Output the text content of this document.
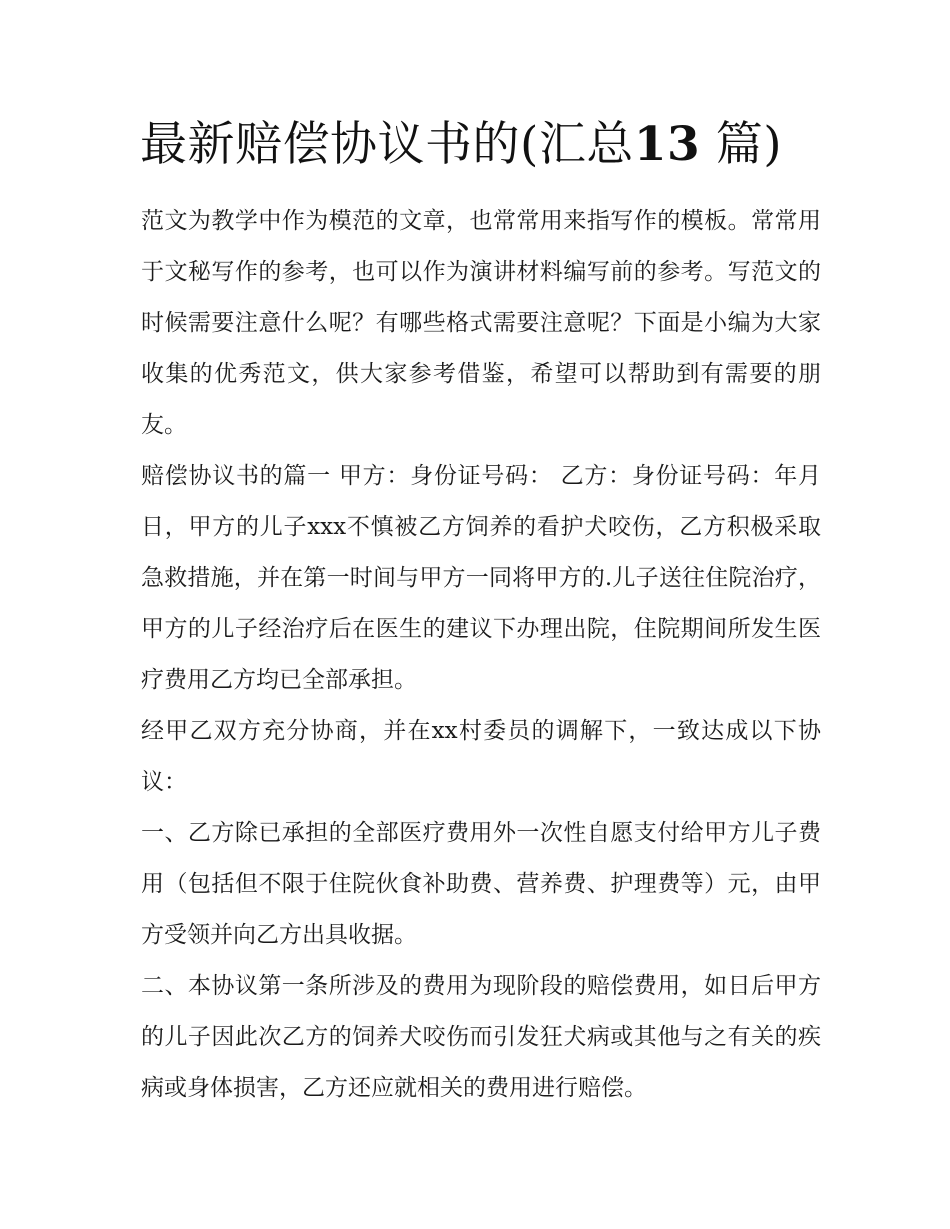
最新赔偿协议书的(汇总13 篇)

范文为教学中作为模范的文章，也常常用来指写作的模板。常常用于文秘写作的参考，也可以作为演讲材料编写前的参考。写范文的时候需要注意什么呢？有哪些格式需要注意呢？下面是小编为大家收集的优秀范文，供大家参考借鉴，希望可以帮助到有需要的朋友。

赔偿协议书的篇一 甲方：身份证号码： 乙方：身份证号码：年月日，甲方的儿子xxx不慎被乙方饲养的看护犬咬伤，乙方积极采取急救措施，并在第一时间与甲方一同将甲方的.儿子送往住院治疗，甲方的儿子经治疗后在医生的建议下办理出院，住院期间所发生医疗费用乙方均已全部承担。

经甲乙双方充分协商，并在xx村委员的调解下，一致达成以下协议：

一、乙方除已承担的全部医疗费用外一次性自愿支付给甲方儿子费用（包括但不限于住院伙食补助费、营养费、护理费等）元，由甲方受领并向乙方出具收据。

二、本协议第一条所涉及的费用为现阶段的赔偿费用，如日后甲方的儿子因此次乙方的饲养犬咬伤而引发狂犬病或其他与之有关的疾病或身体损害，乙方还应就相关的费用进行赔偿。
